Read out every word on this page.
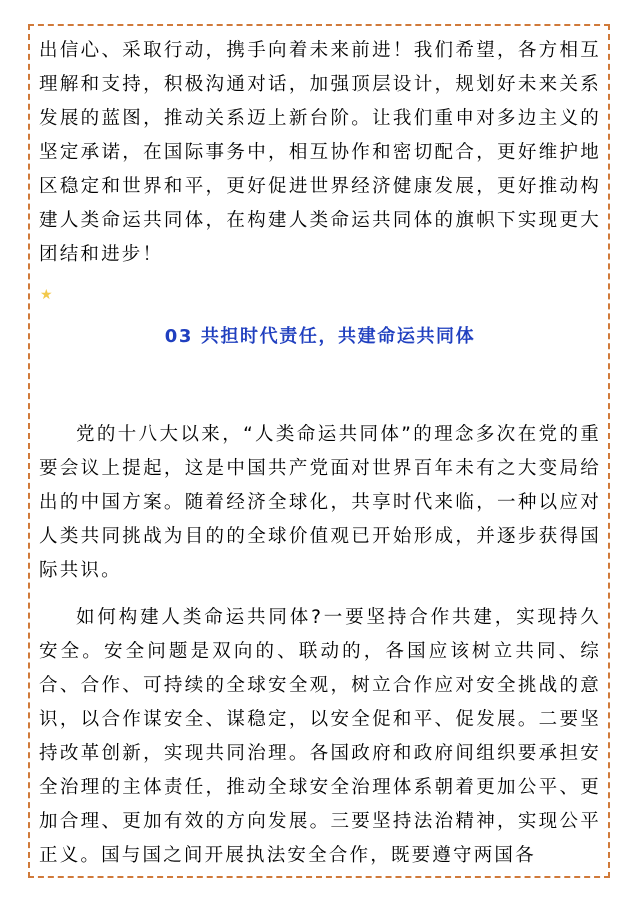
出信心、采取行动，携手向着未来前进！我们希望，各方相互理解和支持，积极沟通对话，加强顶层设计，规划好未来关系发展的蓝图，推动关系迈上新台阶。让我们重申对多边主义的坚定承诺，在国际事务中，相互协作和密切配合，更好维护地区稳定和世界和平，更好促进世界经济健康发展，更好推动构建人类命运共同体，在构建人类命运共同体的旗帜下实现更大团结和进步！

★
03 共担时代责任，共建命运共同体

党的十八大以来，“人类命运共同体”的理念多次在党的重要会议上提起，这是中国共产党面对世界百年未有之大变局给出的中国方案。随着经济全球化，共享时代来临，一种以应对人类共同挑战为目的的全球价值观已开始形成，并逐步获得国际共识。

如何构建人类命运共同体?一要坚持合作共建，实现持久安全。安全问题是双向的、联动的，各国应该树立共同、综合、合作、可持续的全球安全观，树立合作应对安全挑战的意识，以合作谋安全、谋稳定，以安全促和平、促发展。二要坚持改革创新，实现共同治理。各国政府和政府间组织要承担安全治理的主体责任，推动全球安全治理体系朝着更加公平、更加合理、更加有效的方向发展。三要坚持法治精神，实现公平正义。国与国之间开展执法安全合作，既要遵守两国各
